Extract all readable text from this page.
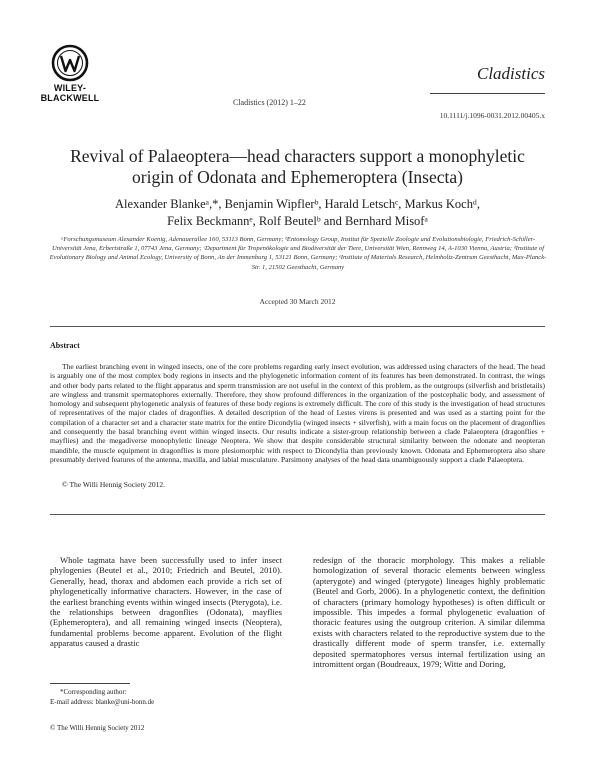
WILEY-
BLACKWELL	Cladistics (2012) 1–22
Cladistics
10.1111/j.1096-0031.2012.00405.x
Revival of Palaeoptera—head characters support a monophyletic origin of Odonata and Ephemeroptera (Insecta)
Alexander Blankeᵃ,*, Benjamin Wipflerᵇ, Harald Letschᶜ, Markus Kochᵈ,
Felix Beckmannᵉ, Rolf Beutelᵇ and Bernhard Misofᵃ
ᵃForschungsmuseum Alexander Koenig, Adenauerallee 160, 53113 Bonn, Germany; ᵇEntomology Group, Institut für Spezielle Zoologie und Evolutionsbiologie, Friedrich-Schiller-Universität Jena, Erbertstraße 1, 07743 Jena, Germany; ᶜDepartment für Tropenökologie und Biodiversität der Tiere, Universität Wien, Rennweg 14, A-1030 Vienna, Austria; ᵈInstitute of Evolutionary Biology and Animal Ecology, University of Bonn, An der Immenburg 1, 53121 Bonn, Germany; ᵉInstitute of Materials Research, Helmholtz-Zentrum Geesthacht, Max-Planck-Str. 1, 21502 Geesthacht, Germany
Accepted 30 March 2012
Abstract
The earliest branching event in winged insects, one of the core problems regarding early insect evolution, was addressed using characters of the head. The head is arguably one of the most complex body regions in insects and the phylogenetic information content of its features has been demonstrated. In contrast, the wings and other body parts related to the flight apparatus and sperm transmission are not useful in the context of this problem, as the outgroups (silverfish and bristletails) are wingless and transmit spermatophores externally. Therefore, they show profound differences in the organization of the postcephalic body, and assessment of homology and subsequent phylogenetic analysis of features of these body regions is extremely difficult. The core of this study is the investigation of head structures of representatives of the major clades of dragonflies. A detailed description of the head of Lestes virens is presented and was used as a starting point for the compilation of a character set and a character state matrix for the entire Dicondylia (winged insects + silverfish), with a main focus on the placement of dragonflies and consequently the basal branching event within winged insects. Our results indicate a sister-group relationship between a clade Palaeoptera (dragonflies + mayflies) and the megadiverse monophyletic lineage Neoptera. We show that despite considerable structural similarity between the odonate and neopteran mandible, the muscle equipment in dragonflies is more plesiomorphic with respect to Dicondylia than previously known. Odonata and Ephemeroptera also share presumably derived features of the antenna, maxilla, and labial musculature. Parsimony analyses of the head data unambiguously support a clade Palaeoptera.
© The Willi Hennig Society 2012.
Whole tagmata have been successfully used to infer insect phylogenies (Beutel et al., 2010; Friedrich and Beutel, 2010). Generally, head, thorax and abdomen each provide a rich set of phylogenetically informative characters. However, in the case of the earliest branching events within winged insects (Pterygota), i.e. the relationships between dragonflies (Odonata), mayflies (Ephemeroptera), and all remaining winged insects (Neoptera), fundamental problems become apparent. Evolution of the flight apparatus caused a drastic
redesign of the thoracic morphology. This makes a reliable homologization of several thoracic elements between wingless (apterygote) and winged (pterygote) lineages highly problematic (Beutel and Gorb, 2006). In a phylogenetic context, the definition of characters (primary homology hypotheses) is often difficult or impossible. This impedes a formal phylogenetic evaluation of thoracic features using the outgroup criterion. A similar dilemma exists with characters related to the reproductive system due to the drastically different mode of sperm transfer, i.e. externally deposited spermatophores versus internal fertilization using an intromittent organ (Boudreaux, 1979; Witte and Doring,
*Corresponding author:
E-mail address: blanke@uni-bonn.de
© The Willi Hennig Society 2012
